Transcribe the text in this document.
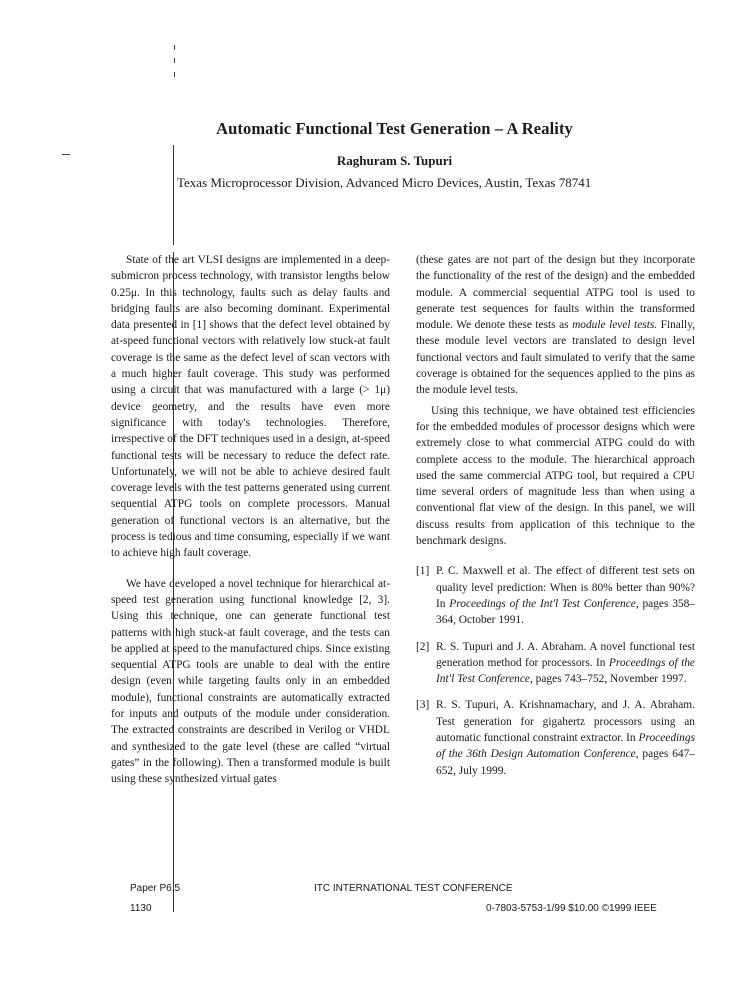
Automatic Functional Test Generation – A Reality
Raghuram S. Tupuri
Texas Microprocessor Division, Advanced Micro Devices, Austin, Texas 78741

State of the art VLSI designs are implemented in a deep-submicron process technology, with transistor lengths below 0.25μ. In this technology, faults such as delay faults and bridging faults are also becoming dominant. Experimental data presented in [1] shows that the defect level obtained by at-speed functional vectors with relatively low stuck-at fault coverage is the same as the defect level of scan vectors with a much higher fault coverage. This study was performed using a circuit that was manufactured with a large (> 1μ) device geometry, and the results have even more significance with today's technologies. Therefore, irrespective of the DFT techniques used in a design, at-speed functional tests will be necessary to reduce the defect rate. Unfortunately, we will not be able to achieve desired fault coverage levels with the test patterns generated using current sequential ATPG tools on complete processors. Manual generation of functional vectors is an alternative, but the process is tedious and time consuming, especially if we want to achieve high fault coverage.

We have developed a novel technique for hierarchical at-speed test generation using functional knowledge [2, 3]. Using this technique, one can generate functional test patterns with high stuck-at fault coverage, and the tests can be applied at speed to the manufactured chips. Since existing sequential ATPG tools are unable to deal with the entire design (even while targeting faults only in an embedded module), functional constraints are automatically extracted for inputs and outputs of the module under consideration. The extracted constraints are described in Verilog or VHDL and synthesized to the gate level (these are called “virtual gates” in the following). Then a transformed module is built using these synthesized virtual gates

(these gates are not part of the design but they incorporate the functionality of the rest of the design) and the embedded module. A commercial sequential ATPG tool is used to generate test sequences for faults within the transformed module. We denote these tests as module level tests. Finally, these module level vectors are translated to design level functional vectors and fault simulated to verify that the same coverage is obtained for the sequences applied to the pins as the module level tests.

Using this technique, we have obtained test efficiencies for the embedded modules of processor designs which were extremely close to what commercial ATPG could do with complete access to the module. The hierarchical approach used the same commercial ATPG tool, but required a CPU time several orders of magnitude less than when using a conventional flat view of the design. In this panel, we will discuss results from application of this technique to the benchmark designs.

[1] P. C. Maxwell et al. The effect of different test sets on quality level prediction: When is 80% better than 90%? In Proceedings of the Int'l Test Conference, pages 358–364, October 1991.
[2] R. S. Tupuri and J. A. Abraham. A novel functional test generation method for processors. In Proceedings of the Int'l Test Conference, pages 743–752, November 1997.
[3] R. S. Tupuri, A. Krishnamachary, and J. A. Abraham. Test generation for gigahertz processors using an automatic functional constraint extractor. In Proceedings of the 36th Design Automation Conference, pages 647–652, July 1999.
Paper P6.5	ITC INTERNATIONAL TEST CONFERENCE
1130	0-7803-5753-1/99 $10.00 ©1999 IEEE
